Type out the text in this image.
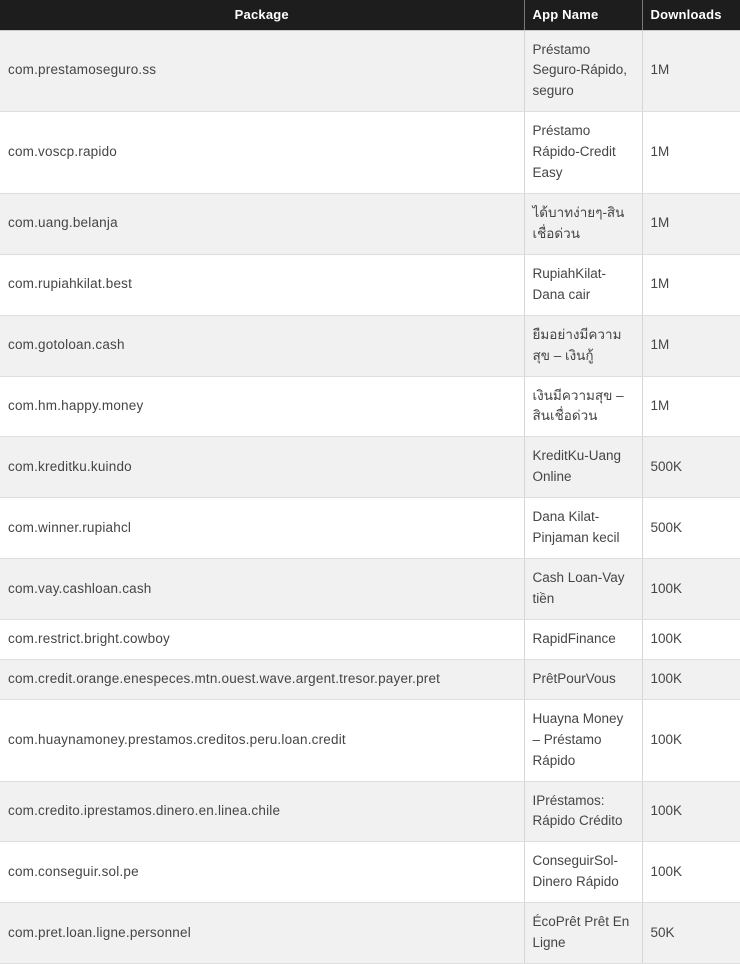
Package	App Name	Downloads
com.prestamoseguro.ss	Préstamo Seguro-Rápido, seguro	1M
com.voscp.rapido	Préstamo Rápido-Credit Easy	1M
com.uang.belanja	ได้บาทง่ายๆ-สินเชื่อด่วน	1M
com.rupiahkilat.best	RupiahKilat-Dana cair	1M
com.gotoloan.cash	ยืมอย่างมีความสุข – เงินกู้	1M
com.hm.happy.money	เงินมีความสุข – สินเชื่อด่วน	1M
com.kreditku.kuindo	KreditKu-Uang Online	500K
com.winner.rupiahcl	Dana Kilat-Pinjaman kecil	500K
com.vay.cashloan.cash	Cash Loan-Vay tiền	100K
com.restrict.bright.cowboy	RapidFinance	100K
com.credit.orange.enespeces.mtn.ouest.wave.argent.tresor.payer.pret	PrêtPourVous	100K
com.huaynamoney.prestamos.creditos.peru.loan.credit	Huayna Money – Préstamo Rápido	100K
com.credito.iprestamos.dinero.en.linea.chile	IPréstamos: Rápido Crédito	100K
com.conseguir.sol.pe	ConseguirSol-Dinero Rápido	100K
com.pret.loan.ligne.personnel	ÉcoPrêt Prêt En Ligne	50K
